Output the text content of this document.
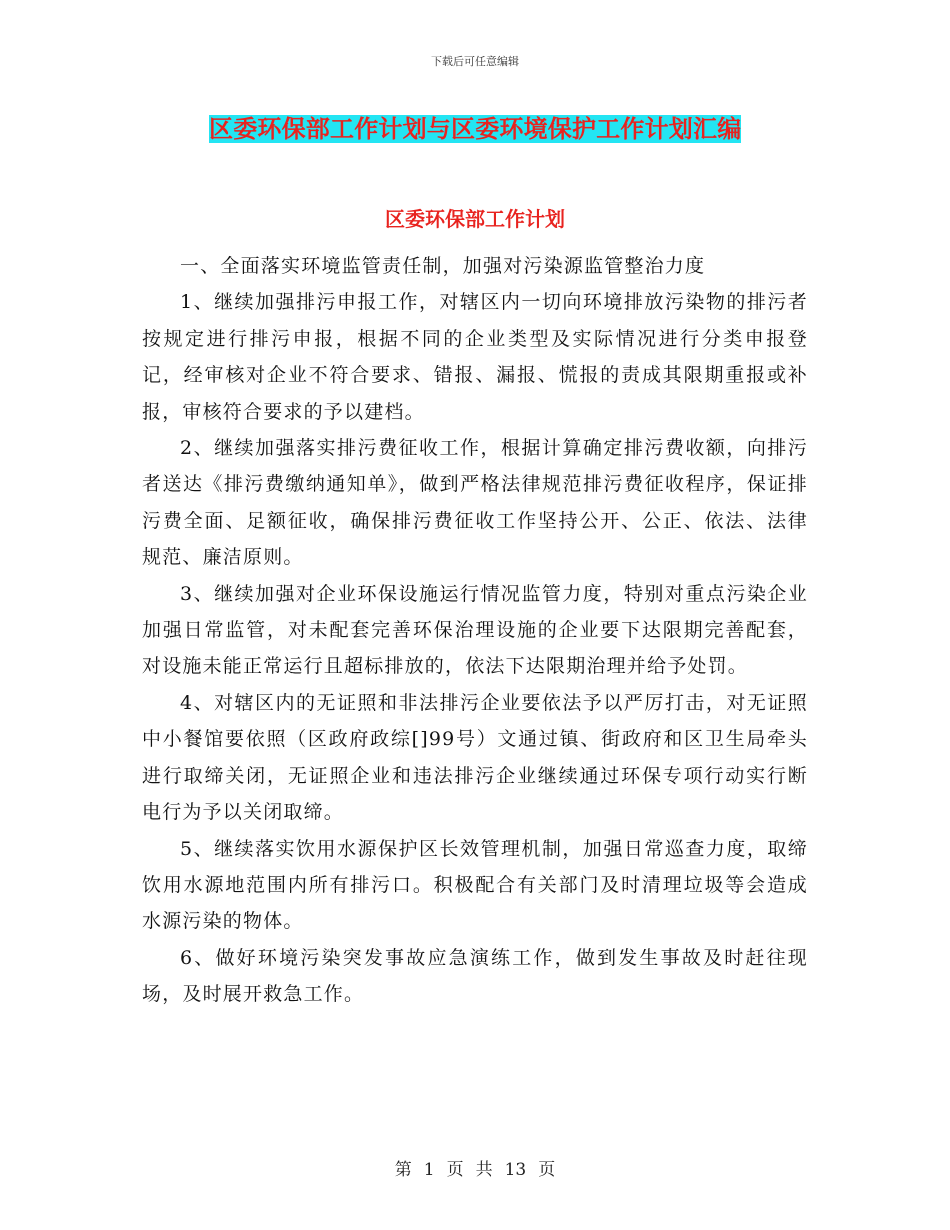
下载后可任意编辑
区委环保部工作计划与区委环境保护工作计划汇编
区委环保部工作计划

一、全面落实环境监管责任制，加强对污染源监管整治力度

1、继续加强排污申报工作，对辖区内一切向环境排放污染物的排污者按规定进行排污申报，根据不同的企业类型及实际情况进行分类申报登记，经审核对企业不符合要求、错报、漏报、慌报的责成其限期重报或补报，审核符合要求的予以建档。

2、继续加强落实排污费征收工作，根据计算确定排污费收额，向排污者送达《排污费缴纳通知单》，做到严格法律规范排污费征收程序，保证排污费全面、足额征收，确保排污费征收工作坚持公开、公正、依法、法律规范、廉洁原则。

3、继续加强对企业环保设施运行情况监管力度，特别对重点污染企业加强日常监管，对未配套完善环保治理设施的企业要下达限期完善配套，对设施未能正常运行且超标排放的，依法下达限期治理并给予处罚。

4、对辖区内的无证照和非法排污企业要依法予以严厉打击，对无证照中小餐馆要依照（区政府政综[]99号）文通过镇、街政府和区卫生局牵头进行取缔关闭，无证照企业和违法排污企业继续通过环保专项行动实行断电行为予以关闭取缔。

5、继续落实饮用水源保护区长效管理机制，加强日常巡查力度，取缔饮用水源地范围内所有排污口。积极配合有关部门及时清理垃圾等会造成水源污染的物体。

6、做好环境污染突发事故应急演练工作，做到发生事故及时赶往现场，及时展开救急工作。

第 1 页 共 13 页
